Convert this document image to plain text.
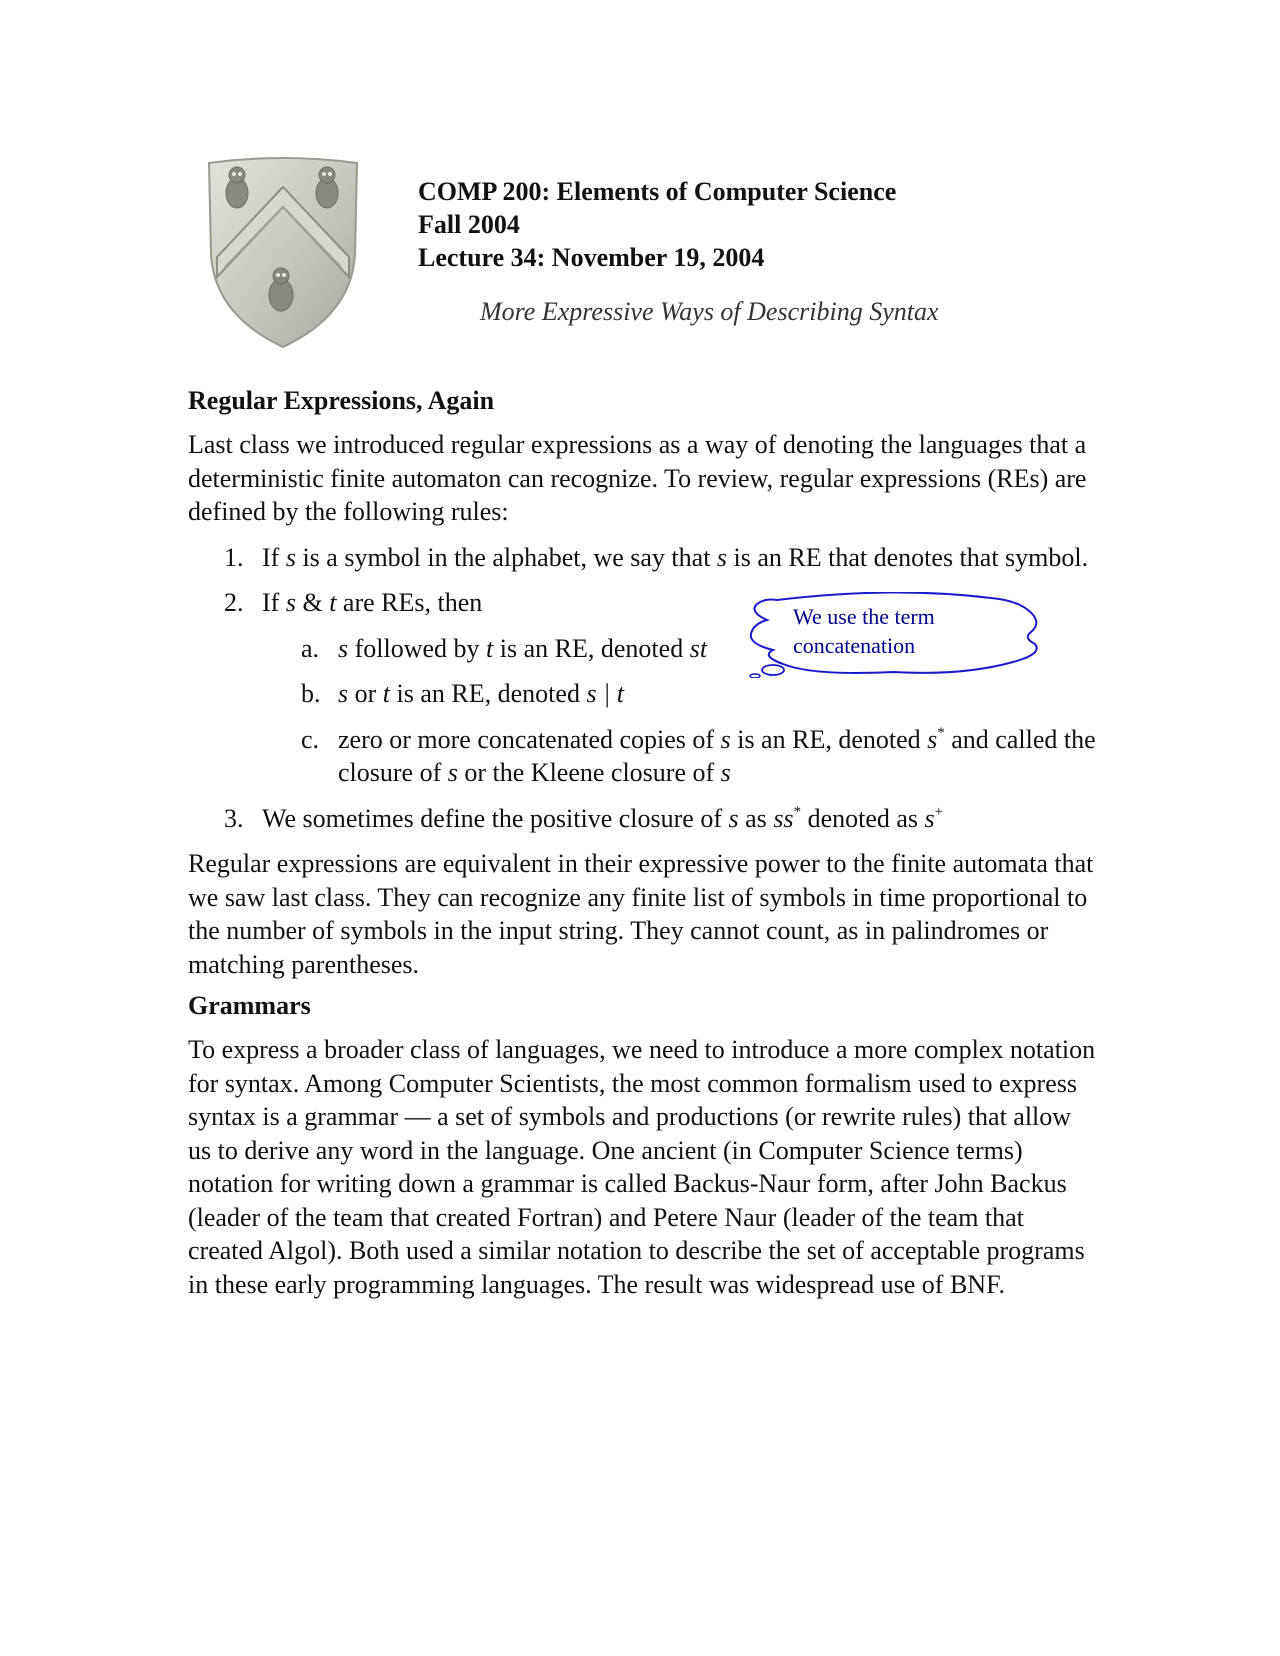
COMP 200: Elements of Computer Science
Fall 2004
Lecture 34: November 19, 2004
More Expressive Ways of Describing Syntax
We use the term
concatenation
Regular Expressions, Again

Last class we introduced regular expressions as a way of denoting the languages that a deterministic finite automaton can recognize. To review, regular expressions (REs) are defined by the following rules:

1. If s is a symbol in the alphabet, we say that s is an RE that denotes that symbol.
2. If s & t are REs, then
a. s followed by t is an RE, denoted st
b. s or t is an RE, denoted s | t
c. zero or more concatenated copies of s is an RE, denoted s* and called the closure of s or the Kleene closure of s
3. We sometimes define the positive closure of s as ss* denoted as s+

Regular expressions are equivalent in their expressive power to the finite automata that we saw last class. They can recognize any finite list of symbols in time proportional to the number of symbols in the input string. They cannot count, as in palindromes or matching parentheses.

Grammars

To express a broader class of languages, we need to introduce a more complex notation for syntax. Among Computer Scientists, the most common formalism used to express syntax is a grammar — a set of symbols and productions (or rewrite rules) that allow us to derive any word in the language. One ancient (in Computer Science terms) notation for writing down a grammar is called Backus-Naur form, after John Backus (leader of the team that created Fortran) and Petere Naur (leader of the team that created Algol). Both used a similar notation to describe the set of acceptable programs in these early programming languages. The result was widespread use of BNF.
